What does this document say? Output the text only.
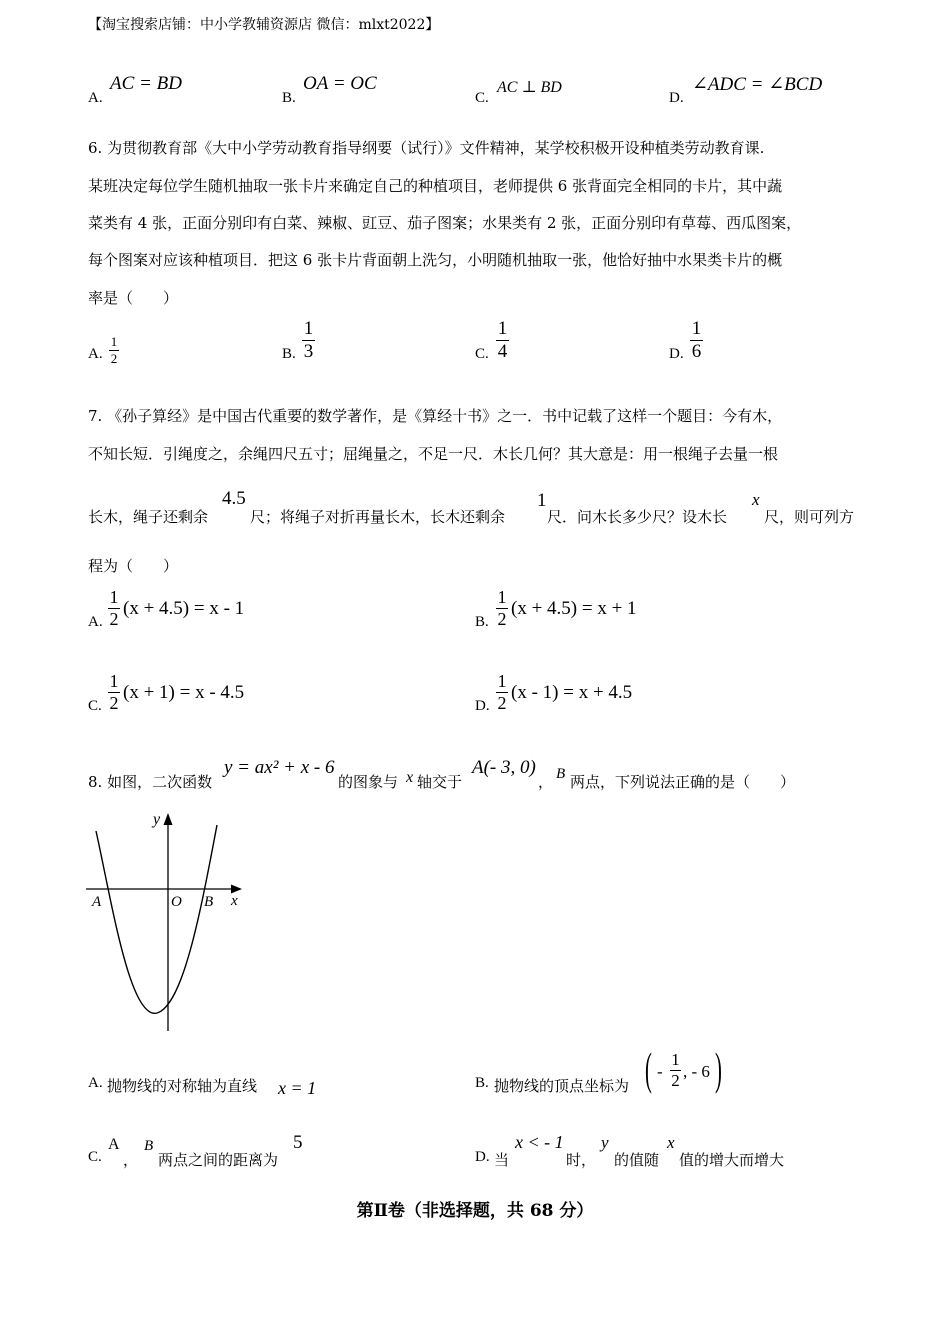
【淘宝搜索店铺：中小学教辅资源店 微信：mlxt2022】
A.
AC = BD
B.
OA = OC
C.
AC ⊥ BD
D.
∠ADC = ∠BCD
6. 为贯彻教育部《大中小学劳动教育指导纲要（试行）》文件精神，某学校积极开设种植类劳动教育课.
某班决定每位学生随机抽取一张卡片来确定自己的种植项目，老师提供 6 张背面完全相同的卡片，其中蔬
菜类有 4 张，正面分别印有白菜、辣椒、豇豆、茄子图案；水果类有 2 张，正面分别印有草莓、西瓜图案，
每个图案对应该种植项目．把这 6 张卡片背面朝上洗匀，小明随机抽取一张，他恰好抽中水果类卡片的概
率是（　　）
A.
1
2	B.
1
3	C.
1
4	D.
1
6
7. 《孙子算经》是中国古代重要的数学著作，是《算经十书》之一．书中记载了这样一个题目：今有木，
不知长短．引绳度之，余绳四尺五寸；屈绳量之，不足一尺．木长几何？其大意是：用一根绳子去量一根
长木，绳子还剩余
4.5
尺；将绳子对折再量长木，长木还剩余
1
尺．问木长多少尺？设木长
x
尺，则可列方
程为（　　）
A.
1
2 (x + 4.5) = x - 1
B.
1
2 (x + 4.5) = x + 1
C.
1
2 (x + 1) = x - 4.5
D.
1
2 (x - 1) = x + 4.5
8. 如图，二次函数
y = ax² + x - 6
的图象与 x 轴交于
A(- 3, 0)
， B 两点，下列说法正确的是（　　）
y
x
O
A	B
A. 抛物线的对称轴为直线 x = 1	B. 抛物线的顶点坐标为 ( -
1
2 , - 6 )
C.
A
，
B
两点之间的距离为
5
D. 当
x < - 1
时，
y
的值随
x
值的增大而增大
第Ⅱ卷（非选择题，共 68 分）
